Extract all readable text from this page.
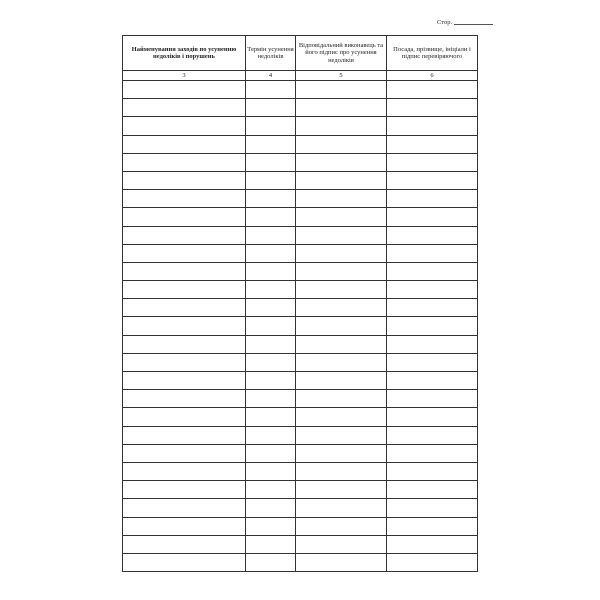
Стор.
Найменування заходів по усуненню недоліків і порушень	Термін усунення недоліків	Відповідальний виконавець та його підпис про усунення недоліків	Посада, прізвище, ініціали і підпис перевіряючого
3	4	5	6
